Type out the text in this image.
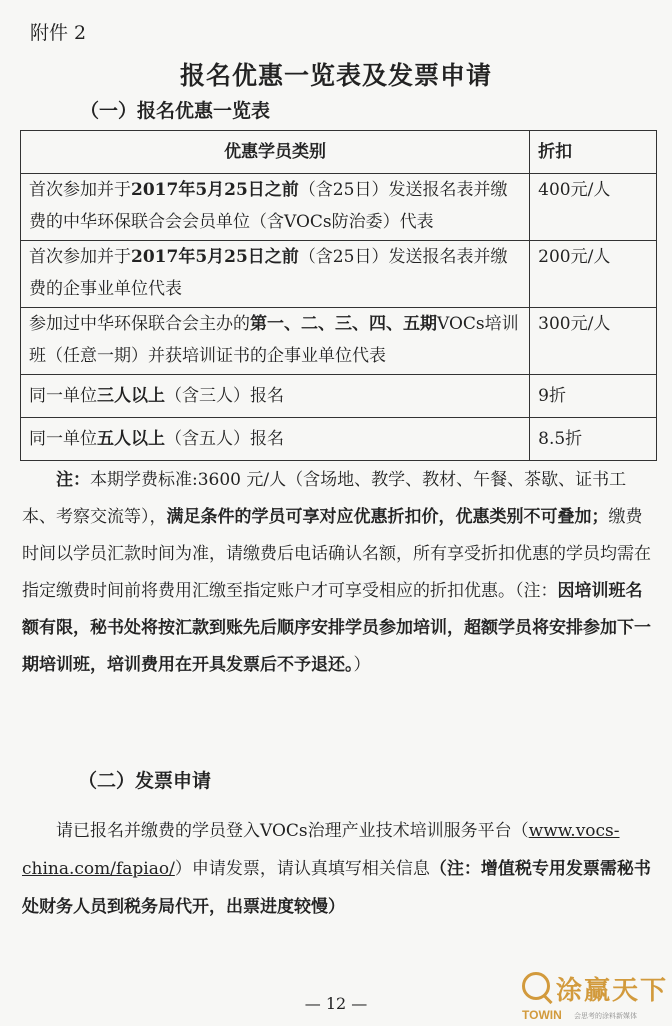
附件 2
报名优惠一览表及发票申请
（一）报名优惠一览表
优惠学员类别	折扣
首次参加并于2017年5月25日之前（含25日）发送报名表并缴费的中华环保联合会会员单位（含VOCs防治委）代表	400元/人
首次参加并于2017年5月25日之前（含25日）发送报名表并缴费的企事业单位代表	200元/人
参加过中华环保联合会主办的第一、二、三、四、五期VOCs培训班（任意一期）并获培训证书的企事业单位代表	300元/人
同一单位三人以上（含三人）报名	9折
同一单位五人以上（含五人）报名	8.5折
注：本期学费标准:3600 元/人（含场地、教学、教材、午餐、茶歇、证书工本、考察交流等），满足条件的学员可享对应优惠折扣价，优惠类别不可叠加；缴费时间以学员汇款时间为准，请缴费后电话确认名额，所有享受折扣优惠的学员均需在指定缴费时间前将费用汇缴至指定账户才可享受相应的折扣优惠。（注：因培训班名额有限，秘书处将按汇款到账先后顺序安排学员参加培训，超额学员将安排参加下一期培训班，培训费用在开具发票后不予退还。）
（二）发票申请
请已报名并缴费的学员登入VOCs治理产业技术培训服务平台（www.vocs-china.com/fapiao/）申请发票，请认真填写相关信息（注：增值税专用发票需秘书处财务人员到税务局代开，出票进度较慢）
— 12 —	涂赢天下
TOWIN 会思考的涂料新媒体
